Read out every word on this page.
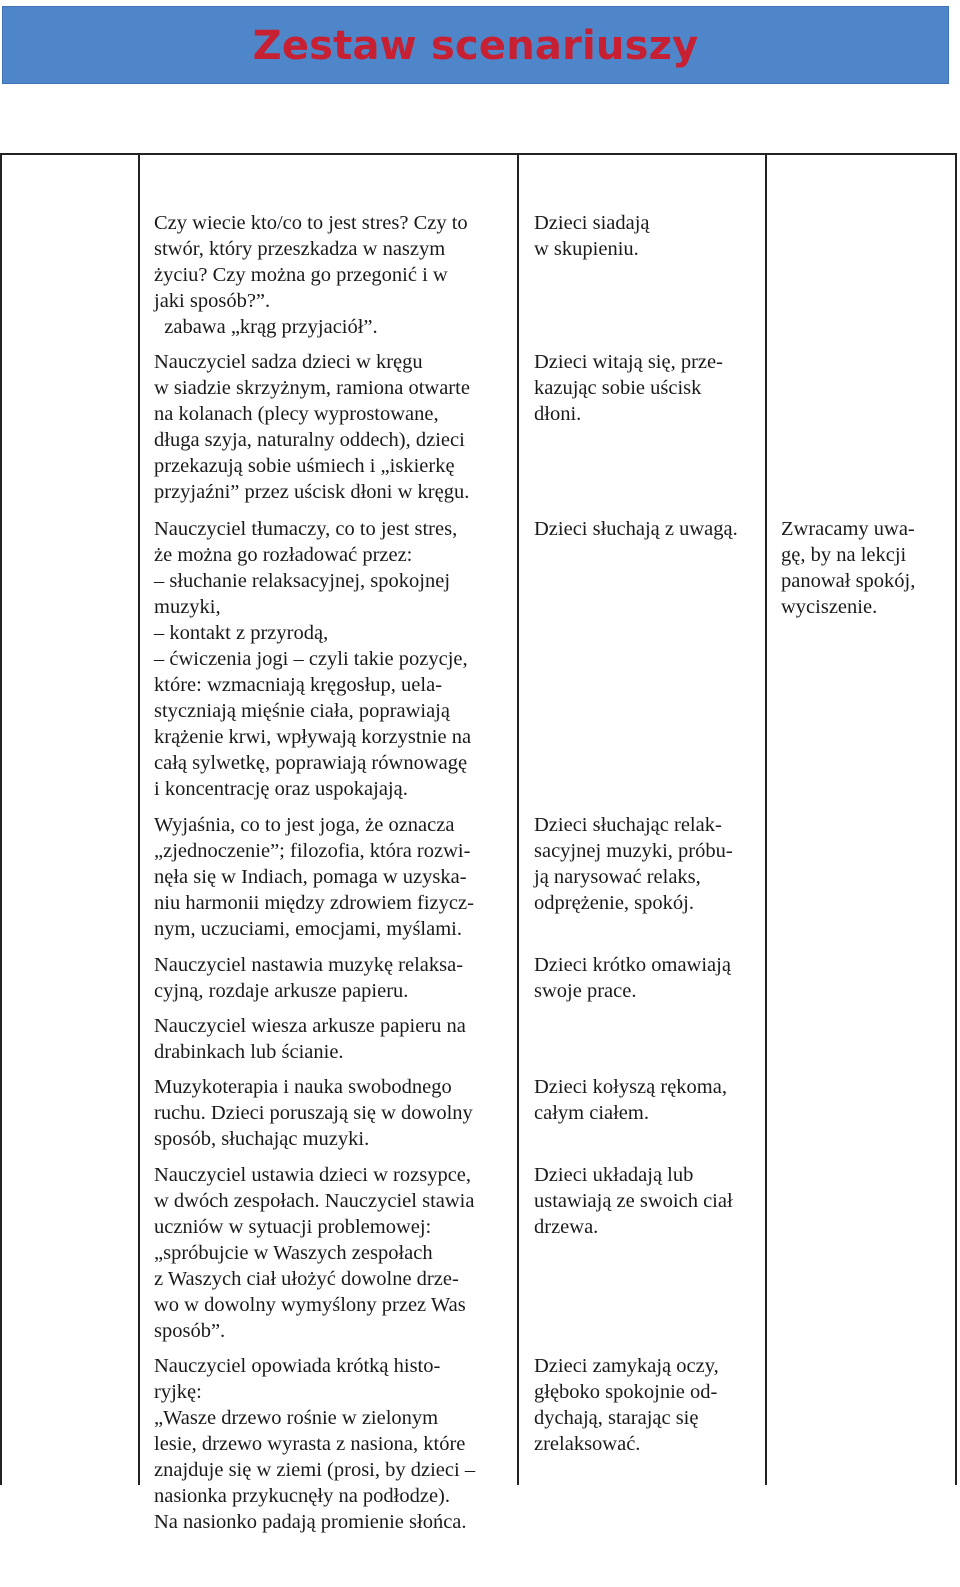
Zestaw scenariuszy

Czy wiecie kto/co to jest stres? Czy to
stwór, który przeszkadza w naszym
życiu? Czy można go przegonić i w
jaki sposób?”.
zabawa „krąg przyjaciół”.

Nauczyciel sadza dzieci w kręgu
w siadzie skrzyżnym, ramiona otwarte
na kolanach (plecy wyprostowane,
długa szyja, naturalny oddech), dzieci
przekazują sobie uśmiech i „iskierkę
przyjaźni” przez uścisk dłoni w kręgu.

Nauczyciel tłumaczy, co to jest stres,
że można go rozładować przez:
– słuchanie relaksacyjnej, spokojnej
muzyki,
– kontakt z przyrodą,
– ćwiczenia jogi – czyli takie pozycje,
które: wzmacniają kręgosłup, uela-
styczniają mięśnie ciała, poprawiają
krążenie krwi, wpływają korzystnie na
całą sylwetkę, poprawiają równowagę
i koncentrację oraz uspokajają.

Wyjaśnia, co to jest joga, że oznacza
„zjednoczenie”; filozofia, która rozwi-
nęła się w Indiach, pomaga w uzyska-
niu harmonii między zdrowiem fizycz-
nym, uczuciami, emocjami, myślami.

Nauczyciel nastawia muzykę relaksa-
cyjną, rozdaje arkusze papieru.

Nauczyciel wiesza arkusze papieru na
drabinkach lub ścianie.

Muzykoterapia i nauka swobodnego
ruchu. Dzieci poruszają się w dowolny
sposób, słuchając muzyki.

Nauczyciel ustawia dzieci w rozsypce,
w dwóch zespołach. Nauczyciel stawia
uczniów w sytuacji problemowej:
„spróbujcie w Waszych zespołach
z Waszych ciał ułożyć dowolne drze-
wo w dowolny wymyślony przez Was
sposób”.

Nauczyciel opowiada krótką histo-
ryjkę:
„Wasze drzewo rośnie w zielonym
lesie, drzewo wyrasta z nasiona, które
znajduje się w ziemi (prosi, by dzieci –
nasionka przykucnęły na podłodze).
Na nasionko padają promienie słońca.

Dzieci siadają
w skupieniu.

Dzieci witają się, prze-
kazując sobie uścisk
dłoni.

Dzieci słuchają z uwagą.

Dzieci słuchając relak-
sacyjnej muzyki, próbu-
ją narysować relaks,
odprężenie, spokój.

Dzieci krótko omawiają
swoje prace.

Dzieci kołyszą rękoma,
całym ciałem.

Dzieci układają lub
ustawiają ze swoich ciał
drzewa.

Dzieci zamykają oczy,
głęboko spokojnie od-
dychają, starając się
zrelaksować.

Zwracamy uwa-
gę, by na lekcji
panował spokój,
wyciszenie.
